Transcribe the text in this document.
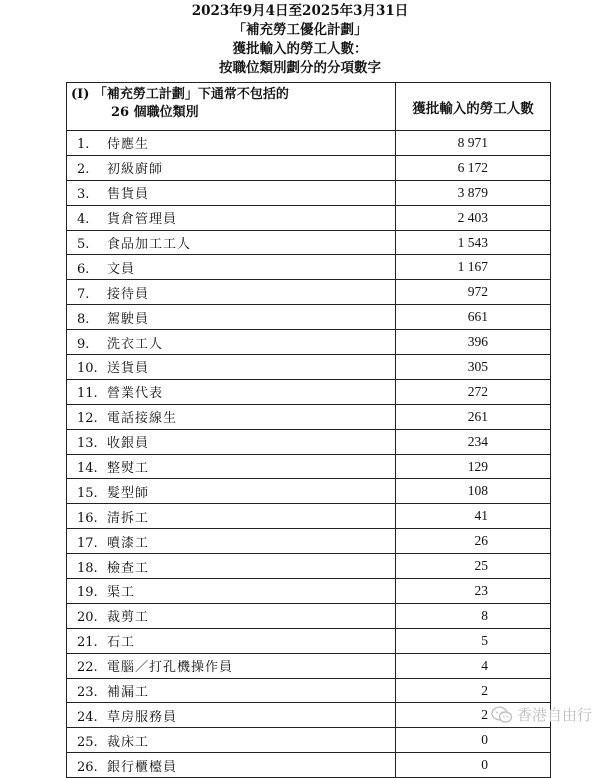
2023年9月4日至2025年3月31日
「補充勞工優化計劃」
獲批輸入的勞工人數：
按職位類別劃分的分項數字
(I) 「補充勞工計劃」下通常不包括的
26 個職位類別	獲批輸入的勞工人數
1. 侍應生	8 971
2. 初級廚師	6 172
3. 售貨員	3 879
4. 貨倉管理員	2 403
5. 食品加工工人	1 543
6. 文員	1 167
7. 接待員	972
8. 駕駛員	661
9. 洗衣工人	396
10. 送貨員	305
11. 營業代表	272
12. 電話接線生	261
13. 收銀員	234
14. 整熨工	129
15. 髮型師	108
16. 清拆工	41
17. 噴漆工	26
18. 檢查工	25
19. 渠工	23
20. 裁剪工	8
21. 石工	5
22. 電腦／打孔機操作員	4
23. 補漏工	2
24. 草房服務員	2
25. 裁床工	0
26. 銀行櫃檯員	0
香港自由行
